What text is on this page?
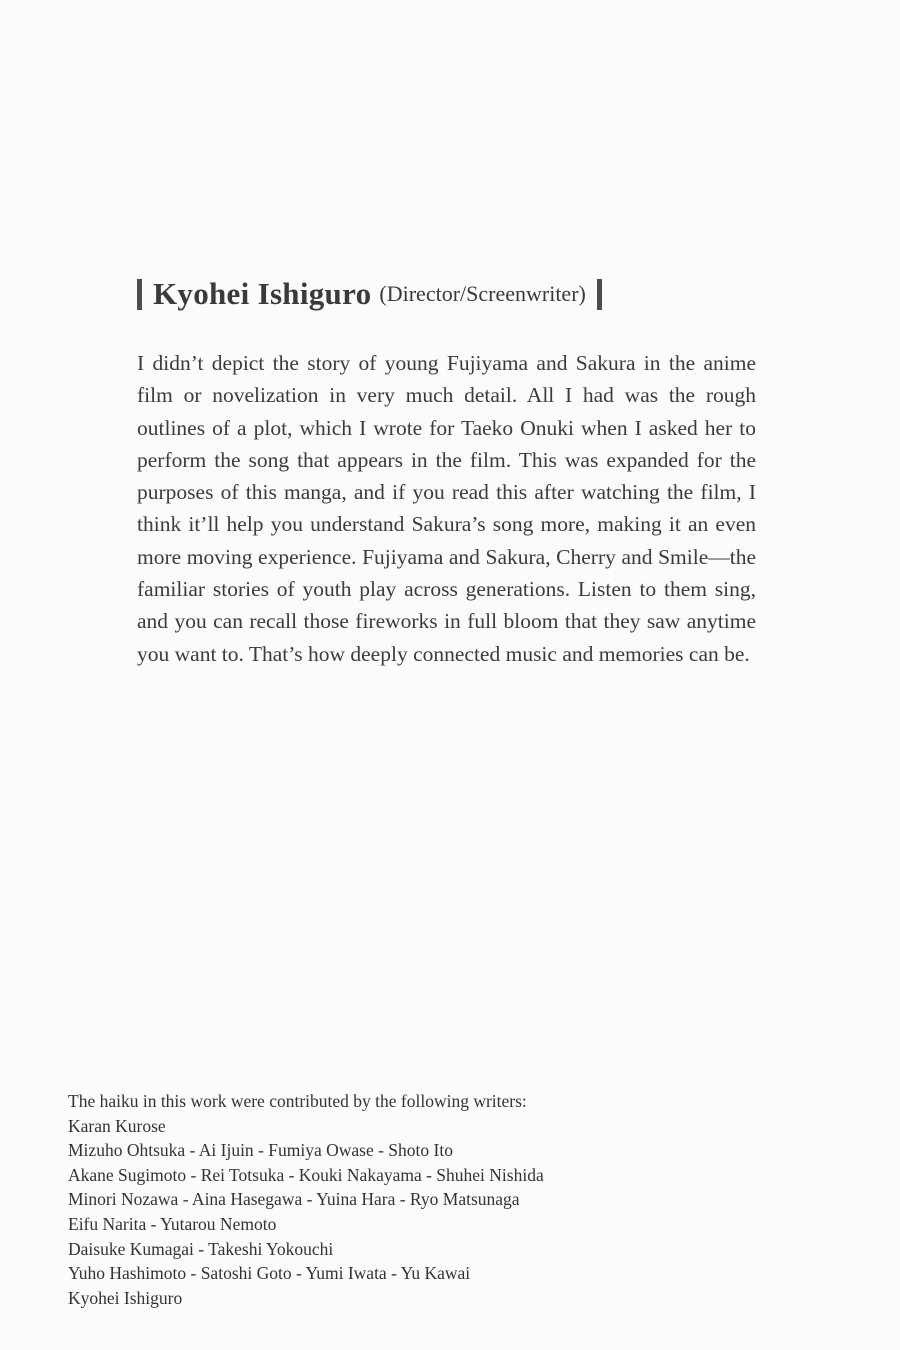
Kyohei Ishiguro (Director/Screenwriter)
I didn’t depict the story of young Fujiyama and Sakura in the anime film or novelization in very much detail. All I had was the rough outlines of a plot, which I wrote for Taeko Onuki when I asked her to perform the song that appears in the film. This was expanded for the purposes of this manga, and if you read this after watching the film, I think it’ll help you understand Sakura’s song more, making it an even more moving experience. Fujiyama and Sakura, Cherry and Smile—the familiar stories of youth play across generations. Listen to them sing, and you can recall those fireworks in full bloom that they saw anytime you want to. That’s how deeply connected music and memories can be.
The haiku in this work were contributed by the following writers:
Karan Kurose
Mizuho Ohtsuka - Ai Ijuin - Fumiya Owase - Shoto Ito
Akane Sugimoto - Rei Totsuka - Kouki Nakayama - Shuhei Nishida
Minori Nozawa - Aina Hasegawa - Yuina Hara - Ryo Matsunaga
Eifu Narita - Yutarou Nemoto
Daisuke Kumagai - Takeshi Yokouchi
Yuho Hashimoto - Satoshi Goto - Yumi Iwata - Yu Kawai
Kyohei Ishiguro
